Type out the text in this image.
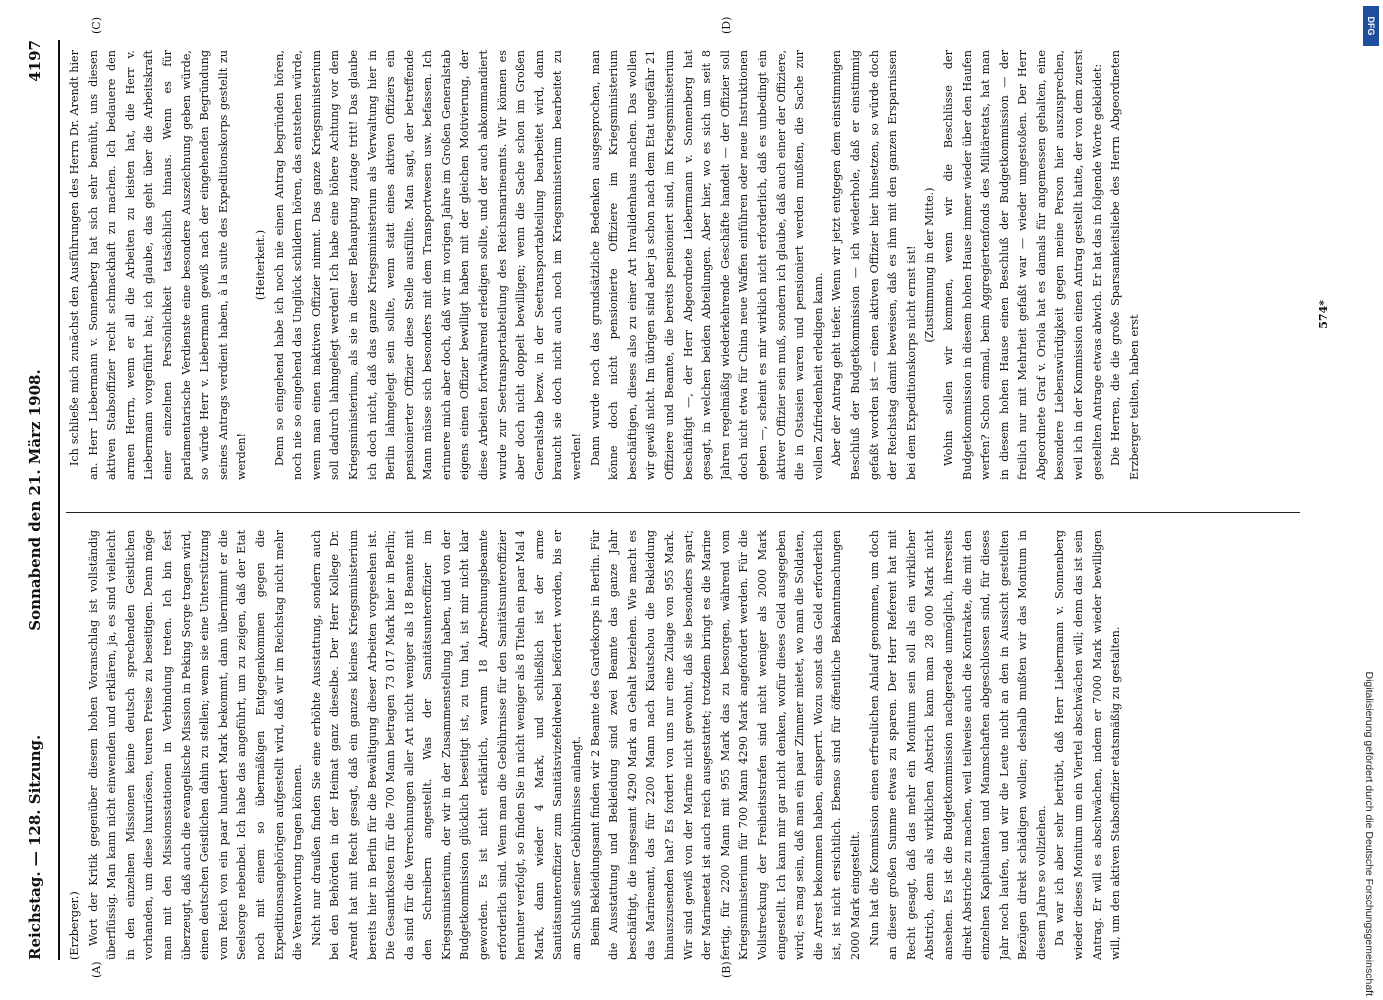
Reichstag. — 128. Sitzung.
Sonnabend den 21. März 1908.
4197
(A)	(B)
(C)	(D)

(Erzberger.) Wort der Kritik gegenüber diesem hohen Voranschlag ist vollständig überflüssig. Man kann nicht einwenden und erklären, ja, es sind vielleicht in den einzelnen Missionen keine deutsch sprechenden Geistlichen vorhanden, um diese luxuriösen, teuren Preise zu beseitigen. Denn möge man mit den Missionsstationen in Verbindung treten. Ich bin fest überzeugt, daß auch die evangelische Mission in Peking Sorge tragen wird, einen deutschen Geistlichen dahin zu stellen; wenn sie eine Unterstützung vom Reich von ein paar hundert Mark bekommt, dann übernimmt er die Seelsorge nebenbei. Ich habe das angeführt, um zu zeigen, daß der Etat noch mit einem so übermäßigen Entgegenkommen gegen die Expeditionsangehörigen aufgestellt wird, daß wir im Reichstag nicht mehr die Verantwortung tragen können. Nicht nur draußen finden Sie eine erhöhte Ausstattung, sondern auch bei den Behörden in der Heimat ganz dieselbe. Der Herr Kollege Dr. Arendt hat mit Recht gesagt, daß ein ganzes kleines Kriegsministerium bereits hier in Berlin für die Bewältigung dieser Arbeiten vorgesehen ist. Die Gesamtkosten für die 700 Mann betragen 73 017 Mark hier in Berlin; da sind für die Verrechnungen aller Art nicht weniger als 18 Beamte mit den Schreibern angestellt. Was der Sanitätsunteroffizier im Kriegsministerium, der wir in der Zusammenstellung haben, und von der Budgetkommission glücklich beseitigt ist, zu tun hat, ist mir nicht klar geworden. Es ist nicht erklärlich, warum 18 Abrechnungsbeamte erforderlich sind. Wenn man die Gebührnisse für den Sanitätsunteroffizier herunter verfolgt, so finden Sie in nicht weniger als 8 Titeln ein paar Mal 4 Mark, dann wieder 4 Mark, und schließlich ist der arme Sanitätsunteroffizier zum Sanitätsvizefeldwebel befördert worden, bis er am Schluß seiner Gebührnisse anlangt. Beim Bekleidungsamt finden wir 2 Beamte des Gardekorps in Berlin. Für die Ausstattung und Bekleidung sind zwei Beamte das ganze Jahr beschäftigt, die insgesamt 4290 Mark an Gehalt beziehen. Wie macht es das Marineamt, das für 2200 Mann nach Kiautschou die Bekleidung hinauszusenden hat? Es fordert von uns nur eine Zulage von 955 Mark. Wir sind gewiß von der Marine nicht gewohnt, daß sie besonders spart; der Marineetat ist auch reich ausgestattet; trotzdem bringt es die Marine fertig, für 2200 Mann mit 955 Mark das zu besorgen, während vom Kriegsministerium für 700 Mann 4290 Mark angefordert werden. Für die Vollstreckung der Freiheitsstrafen sind nicht weniger als 2000 Mark eingestellt. Ich kann mir gar nicht denken, wofür dieses Geld ausgegeben wird; es mag sein, daß man ein paar Zimmer mietet, wo man die Soldaten, die Arrest bekommen haben, einsperrt. Wozu sonst das Geld erforderlich ist, ist nicht ersichtlich. Ebenso sind für öffentliche Bekanntmachungen 2000 Mark eingestellt. Nun hat die Kommission einen erfreulichen Anlauf genommen, um doch an dieser großen Summe etwas zu sparen. Der Herr Referent hat mit Recht gesagt, daß das mehr ein Monitum sein soll als ein wirklicher Abstrich, denn als wirklichen Abstrich kann man 28 000 Mark nicht ansehen. Es ist die Budgetkommission nachgerade unmöglich, ihrerseits direkt Abstriche zu machen, weil teilweise auch die Kontrakte, die mit den einzelnen Kapitulanten und Mannschaften abgeschlossen sind, für dieses Jahr noch laufen, und wir die Leute nicht an den in Aussicht gestellten Bezügen direkt schädigen wollen; deshalb mußten wir das Monitum in diesem Jahre so vollziehen. Da war ich aber sehr betrübt, daß Herr Liebermann v. Sonnenberg wieder dieses Monitum um ein Viertel abschwächen will; denn das ist sein Antrag. Er will es abschwächen, indem er 7000 Mark wieder bewilligen will, um den aktiven Stabsoffizier etatsmäßig zu gestalten.

Ich schließe mich zunächst den Ausführungen des Herrn Dr. Arendt hier an. Herr Liebermann v. Sonnenberg hat sich sehr bemüht, uns diesen aktiven Stabsoffizier recht schmackhaft zu machen. Ich bedauere den armen Herrn, wenn er all die Arbeiten zu leisten hat, die Herr v. Liebermann vorgeführt hat; ich glaube, das geht über die Arbeitskraft einer einzelnen Persönlichkeit tatsächlich hinaus. Wenn es für parlamentarische Verdienste eine besondere Auszeichnung geben würde, so würde Herr v. Liebermann gewiß nach der eingehenden Begründung seines Antrags verdient haben, à la suite des Expeditionskorps gestellt zu werden!

(Heiterkeit.) Denn so eingehend habe ich noch nie einen Antrag begründen hören, noch nie so eingehend das Unglück schildern hören, das entstehen würde, wenn man einen inaktiven Offizier nimmt. Das ganze Kriegsministerium soll dadurch lahmgelegt werden! Ich habe eine höhere Achtung vor dem Kriegsministerium, als sie in dieser Behauptung zutage tritt! Das glaube ich doch nicht, daß das ganze Kriegsministerium als Verwaltung hier in Berlin lahmgelegt sein sollte, wenn statt eines aktiven Offiziers ein pensionierter Offizier diese Stelle ausfüllte. Man sagt, der betreffende Mann müsse sich besonders mit dem Transportwesen usw. befassen. Ich erinnere mich aber doch, daß wir im vorigen Jahre im Großen Generalstab eigens einen Offizier bewilligt haben mit der gleichen Motivierung, der diese Arbeiten fortwährend erledigen sollte, und der auch abkommandiert wurde zur Seetransportabteilung des Reichsmarineamts. Wir können es aber doch nicht doppelt bewilligen; wenn die Sache schon im Großen Generalstab bezw. in der Seetransportabteilung bearbeitet wird, dann braucht sie doch nicht auch noch im Kriegsministerium bearbeitet zu werden! Dann wurde noch das grundsätzliche Bedenken ausgesprochen, man könne doch nicht pensionierte Offiziere im Kriegsministerium beschäftigen, dieses also zu einer Art Invalidenhaus machen. Das wollen wir gewiß nicht. Im übrigen sind aber ja schon nach dem Etat ungefähr 21 Offiziere und Beamte, die bereits pensioniert sind, im Kriegsministerium beschäftigt —, der Herr Abgeordnete Liebermann v. Sonnenberg hat gesagt, in welchen beiden Abteilungen. Aber hier, wo es sich um seit 8 Jahren regelmäßig wiederkehrende Geschäfte handelt — der Offizier soll doch nicht etwa für China neue Waffen einführen oder neue Instruktionen geben —, scheint es mir wirklich nicht erforderlich, daß es unbedingt ein aktiver Offizier sein muß, sondern ich glaube, daß auch einer der Offiziere, die in Ostasien waren und pensioniert werden mußten, die Sache zur vollen Zufriedenheit erledigen kann. Aber der Antrag geht tiefer. Wenn wir jetzt entgegen dem einstimmigen Beschluß der Budgetkommission — ich wiederhole, daß er einstimmig gefaßt worden ist — einen aktiven Offizier hier hinsetzen, so würde doch der Reichstag damit beweisen, daß es ihm mit den ganzen Ersparnissen bei dem Expeditionskorps nicht ernst ist! (Zustimmung in der Mitte.) Wohin sollen wir kommen, wenn wir die Beschlüsse der Budgetkommission in diesem hohen Hause immer wieder über den Haufen werfen? Schon einmal, beim Aggregiertenfonds des Militäretats, hat man in diesem hohen Hause einen Beschluß der Budgetkommission — der freilich nur mit Mehrheit gefaßt war — wieder umgestoßen. Der Herr Abgeordnete Graf v. Oriola hat es damals für angemessen gehalten, eine besondere Liebenswürdigkeit gegen meine Person hier auszusprechen, weil ich in der Kommission einen Antrag gestellt hatte, der von dem zuerst gestellten Antrage etwas abwich. Er hat das in folgende Worte gekleidet: Die Herren, die die große Sparsamkeitsliebe des Herrn Abgeordneten Erzberger teilten, haben erst

574*
Digitalisierung gefördert durch die Deutsche Forschungsgemeinschaft
DFG
